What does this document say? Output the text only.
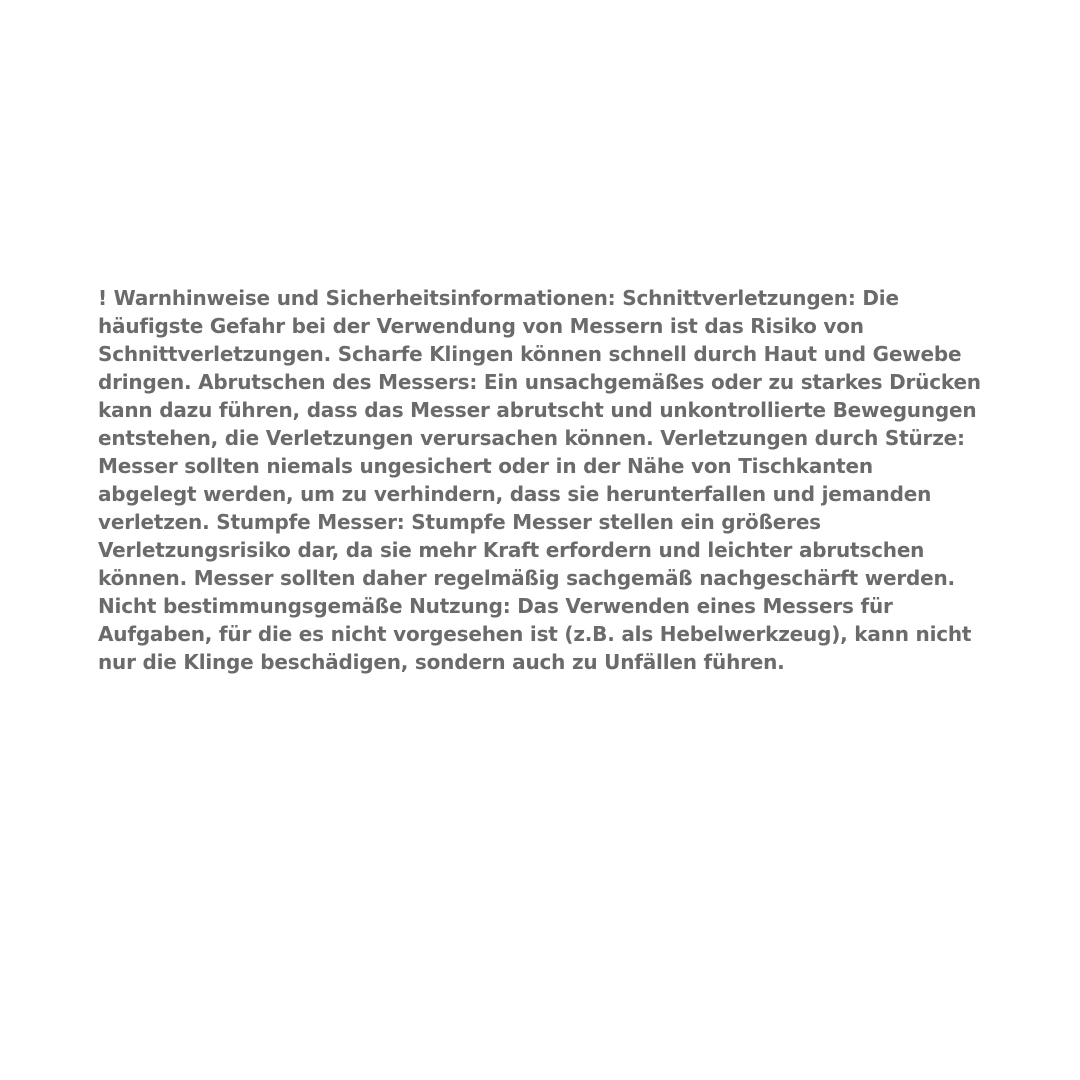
! Warnhinweise und Sicherheitsinformationen: Schnittverletzungen: Die
häufigste Gefahr bei der Verwendung von Messern ist das Risiko von
Schnittverletzungen. Scharfe Klingen können schnell durch Haut und Gewebe
dringen. Abrutschen des Messers: Ein unsachgemäßes oder zu starkes Drücken
kann dazu führen, dass das Messer abrutscht und unkontrollierte Bewegungen
entstehen, die Verletzungen verursachen können. Verletzungen durch Stürze:
Messer sollten niemals ungesichert oder in der Nähe von Tischkanten
abgelegt werden, um zu verhindern, dass sie herunterfallen und jemanden
verletzen. Stumpfe Messer: Stumpfe Messer stellen ein größeres
Verletzungsrisiko dar, da sie mehr Kraft erfordern und leichter abrutschen
können. Messer sollten daher regelmäßig sachgemäß nachgeschärft werden.
Nicht bestimmungsgemäße Nutzung: Das Verwenden eines Messers für
Aufgaben, für die es nicht vorgesehen ist (z.B. als Hebelwerkzeug), kann nicht
nur die Klinge beschädigen, sondern auch zu Unfällen führen.
